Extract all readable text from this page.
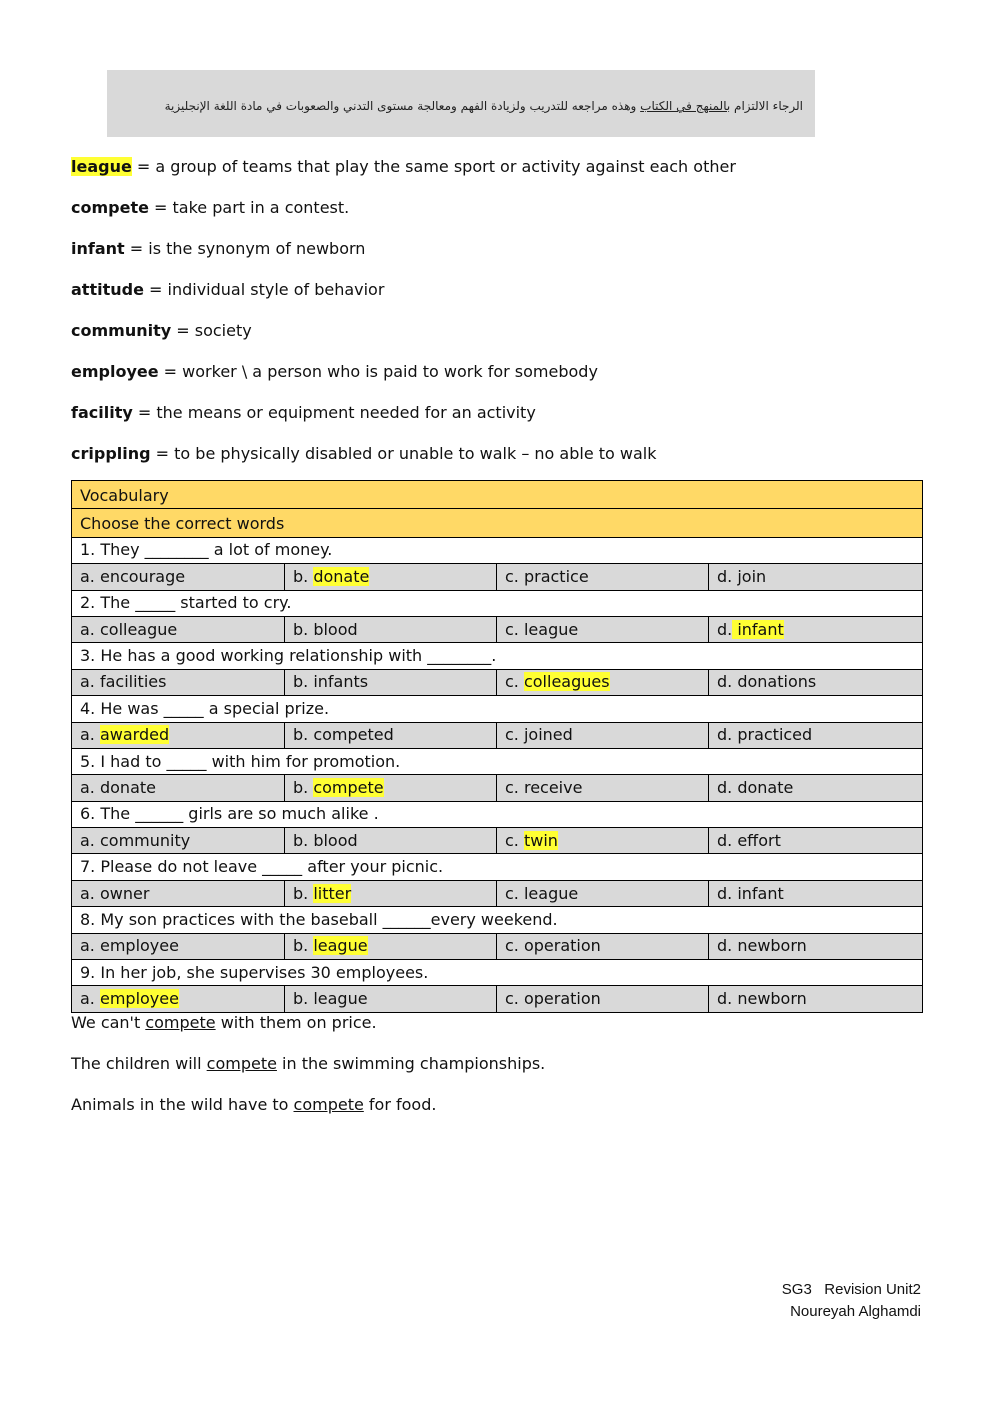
الرجاء الالتزام بالمنهج في الكتاب وهذه مراجعه للتدريب ولزيادة الفهم ومعالجة مستوى التدني والصعوبات في مادة اللغة الإنجليزية
league = a group of teams that play the same sport or activity against each other
compete = take part in a contest.
infant = is the synonym of newborn
attitude = individual style of behavior
community = society
employee = worker \ a person who is paid to work for somebody
facility = the means or equipment needed for an activity
crippling = to be physically disabled or unable to walk – no able to walk
Vocabulary			
Choose the correct words			
1. They ________ a lot of money.			
a. encourage	b. donate	c. practice	d. join
2. The _____ started to cry.			
a. colleague	b. blood	c. league	d. infant
3. He has a good working relationship with ________.			
a. facilities	b. infants	c. colleagues	d. donations
4. He was _____ a special prize.			
a. awarded	b. competed	c. joined	d. practiced
5. I had to _____ with him for promotion.			
a. donate	b. compete	c. receive	d. donate
6. The ______ girls are so much alike .			
a. community	b. blood	c. twin	d. effort
7. Please do not leave _____ after your picnic.			
a. owner	b. litter	c. league	d. infant
8. My son practices with the baseball ______every weekend.			
a. employee	b. league	c. operation	d. newborn
9. In her job, she supervises 30 employees.			
a. employee	b. league	c. operation	d. newborn
We can't compete with them on price.
The children will compete in the swimming championships.
Animals in the wild have to compete for food.
SG3   Revision Unit2
Noureyah Alghamdi
